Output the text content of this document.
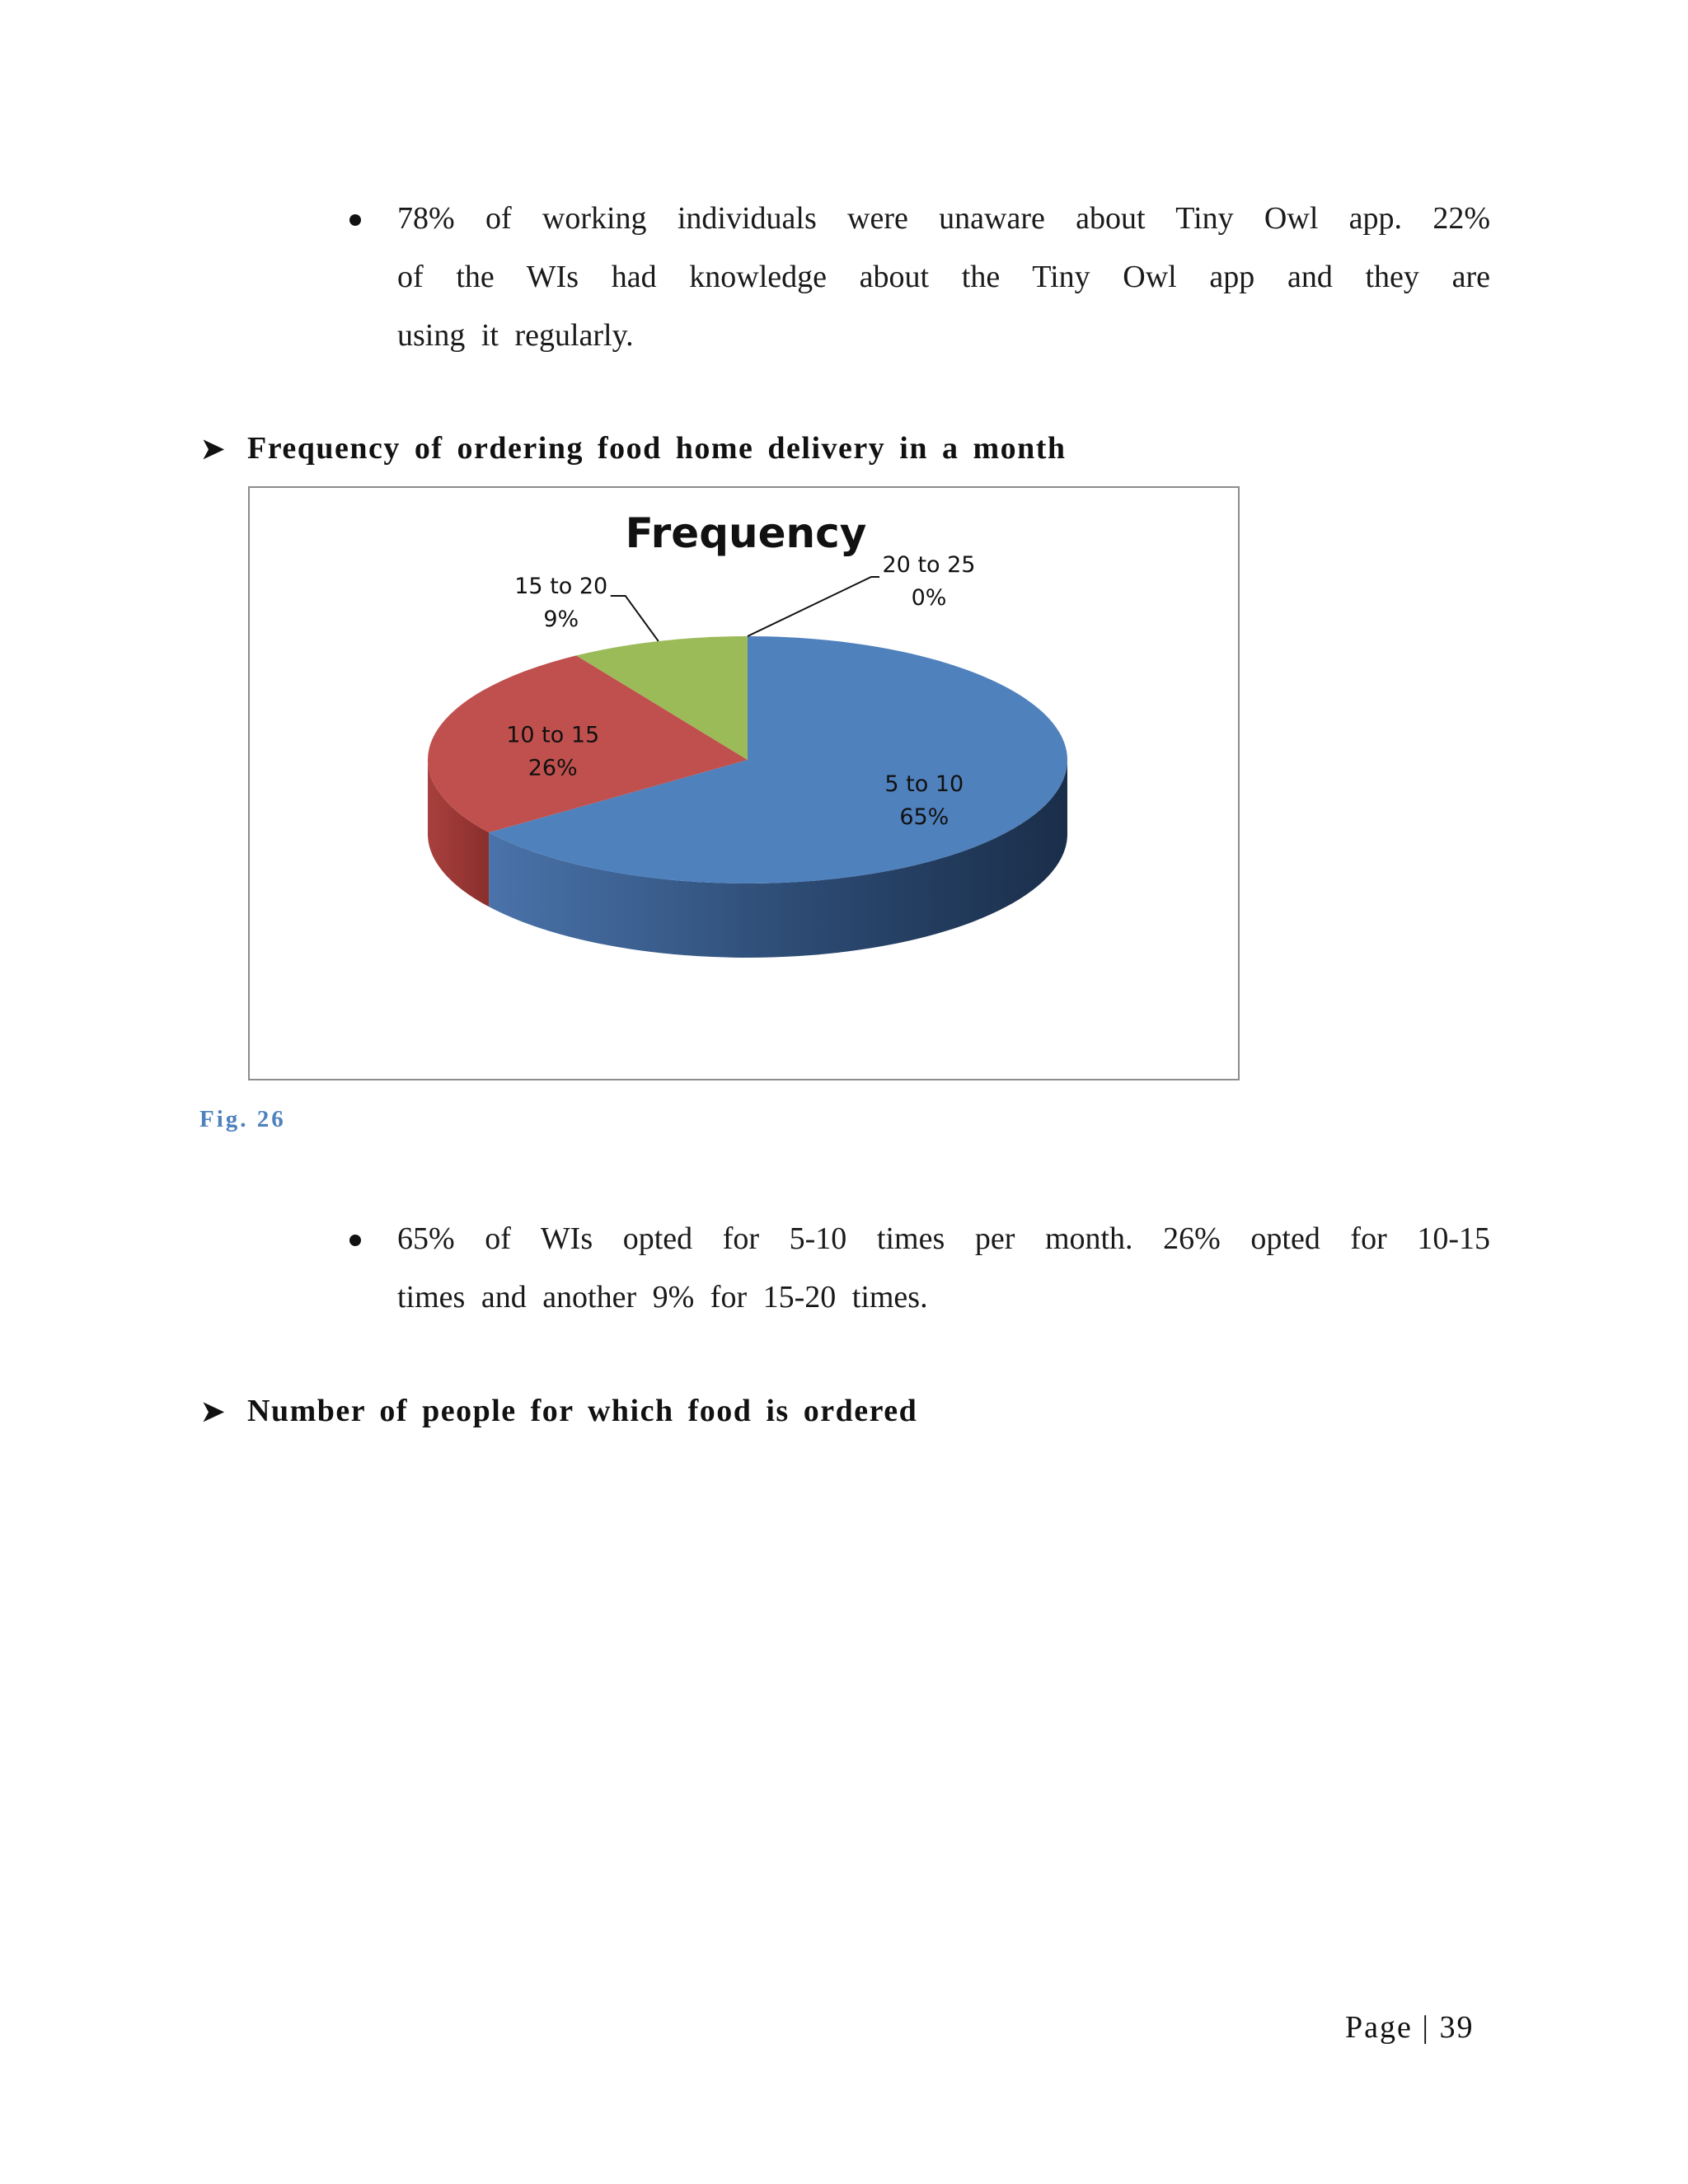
78% of working individuals were unaware about Tiny Owl app. 22%
of the WIs had knowledge about the Tiny Owl app and they are
using it regularly.
➤ Frequency of ordering food home delivery in a month
Frequency
5 to 10
65%
10 to 15
26%
15 to 20
9%
20 to 25
0%
Fig. 26
65% of WIs opted for 5-10 times per month. 26% opted for 10-15
times and another 9% for 15-20 times.
➤ Number of people for which food is ordered
Page | 39
